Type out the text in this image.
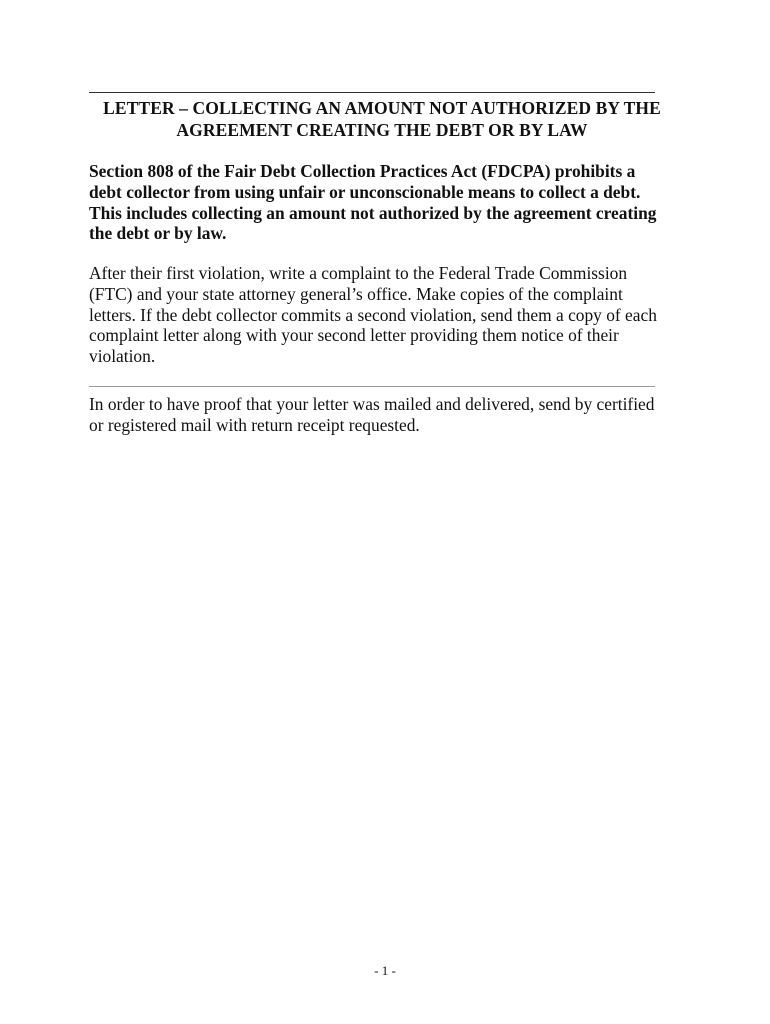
LETTER – COLLECTING AN AMOUNT NOT AUTHORIZED BY THE
AGREEMENT CREATING THE DEBT OR BY LAW

Section 808 of the Fair Debt Collection Practices Act (FDCPA) prohibits a
debt collector from using unfair or unconscionable means to collect a debt.
This includes collecting an amount not authorized by the agreement creating
the debt or by law.

After their first violation, write a complaint to the Federal Trade Commission
(FTC) and your state attorney general’s office. Make copies of the complaint
letters. If the debt collector commits a second violation, send them a copy of each
complaint letter along with your second letter providing them notice of their
violation.

In order to have proof that your letter was mailed and delivered, send by certified
or registered mail with return receipt requested.

- 1 -
